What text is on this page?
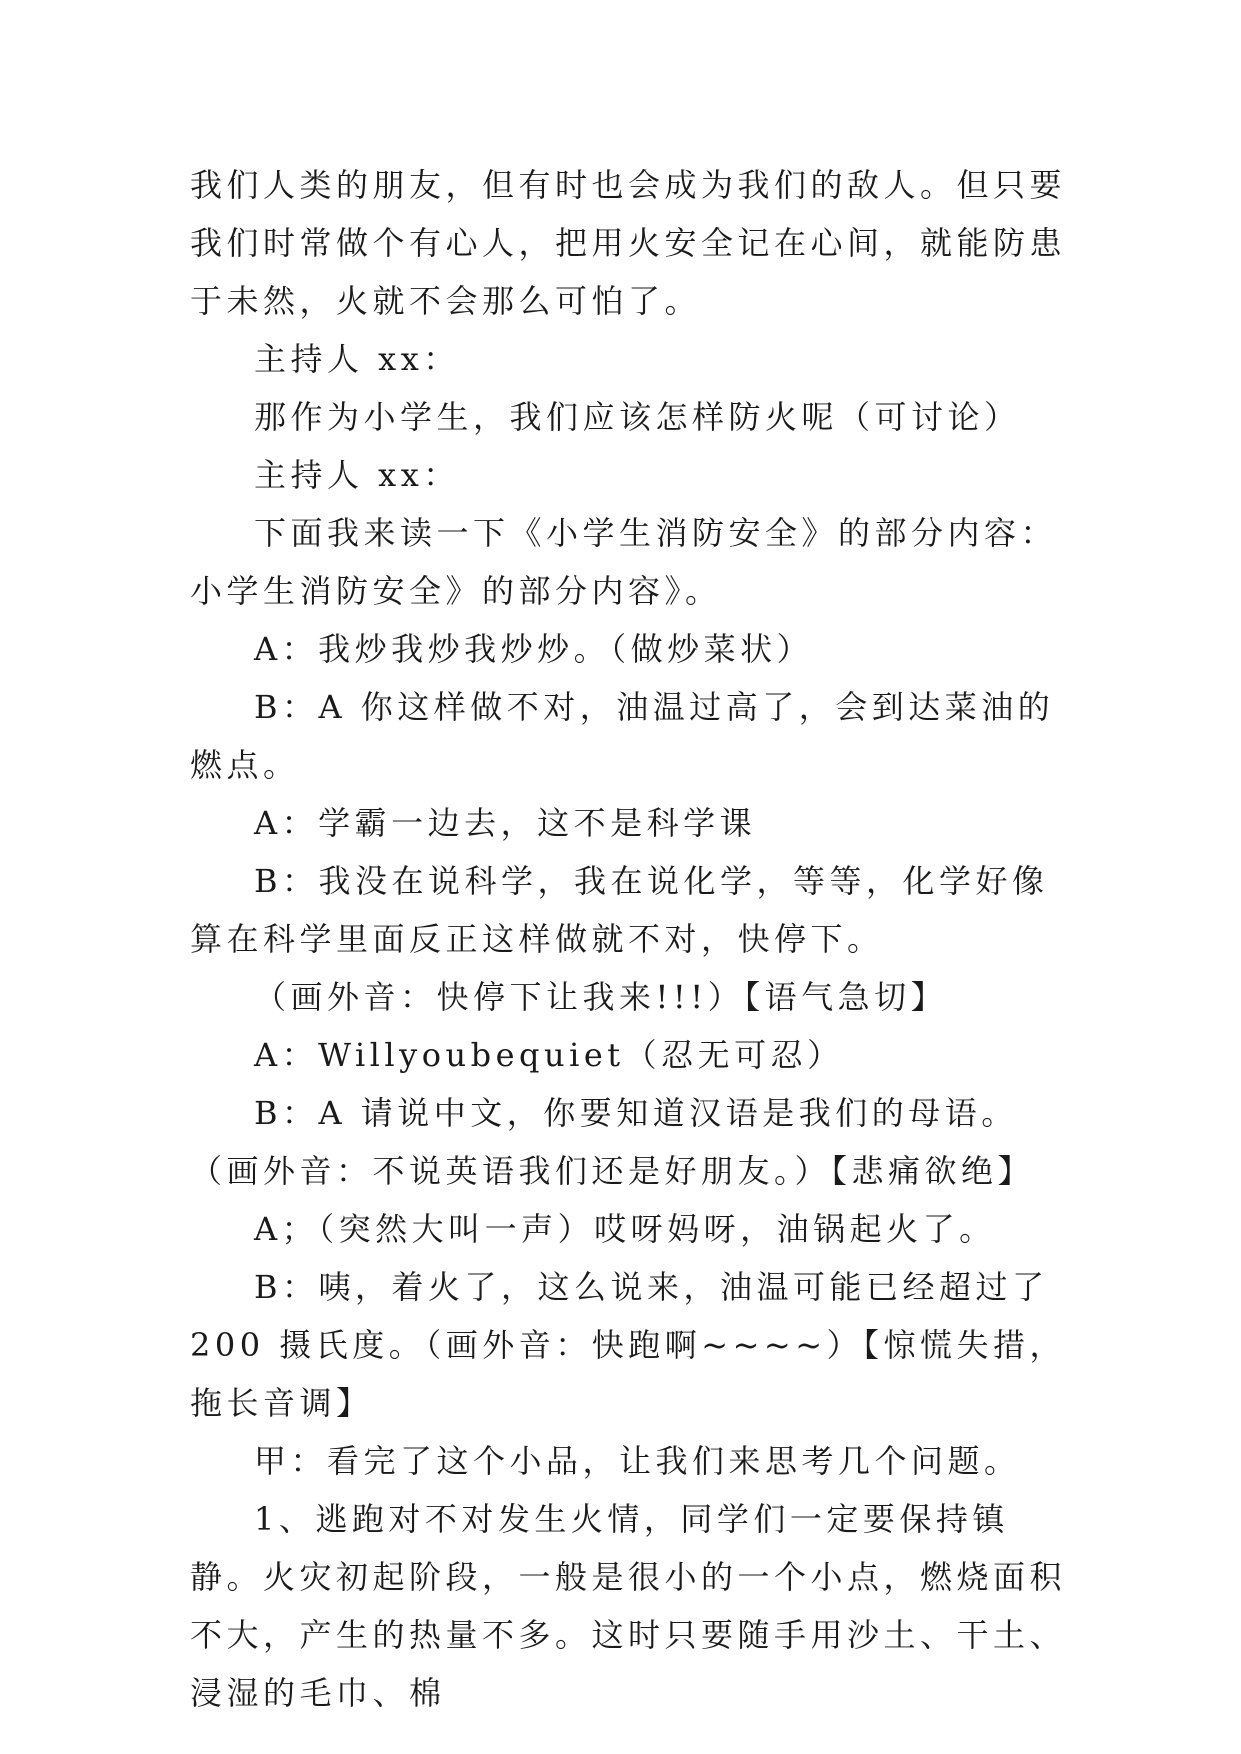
我们人类的朋友，但有时也会成为我们的敌人。但只要我们时常做个有心人，把用火安全记在心间，就能防患于未然，火就不会那么可怕了。

主持人 xx：

那作为小学生，我们应该怎样防火呢（可讨论）

主持人 xx：

下面我来读一下《小学生消防安全》的部分内容：小学生消防安全》的部分内容》。

A：我炒我炒我炒炒。（做炒菜状）

B：A 你这样做不对，油温过高了，会到达菜油的燃点。

A：学霸一边去，这不是科学课

B：我没在说科学，我在说化学，等等，化学好像算在科学里面反正这样做就不对，快停下。

（画外音：快停下让我来!!!）【语气急切】

A：Willyoubequiet（忍无可忍）

B：A 请说中文，你要知道汉语是我们的母语。（画外音：不说英语我们还是好朋友。）【悲痛欲绝】

A；（突然大叫一声）哎呀妈呀，油锅起火了。

B：咦，着火了，这么说来，油温可能已经超过了 200 摄氏度。（画外音：快跑啊~~~~）【惊慌失措，拖长音调】

甲：看完了这个小品，让我们来思考几个问题。

1、逃跑对不对发生火情，同学们一定要保持镇静。火灾初起阶段，一般是很小的一个小点，燃烧面积不大，产生的热量不多。这时只要随手用沙土、干土、浸湿的毛巾、棉
